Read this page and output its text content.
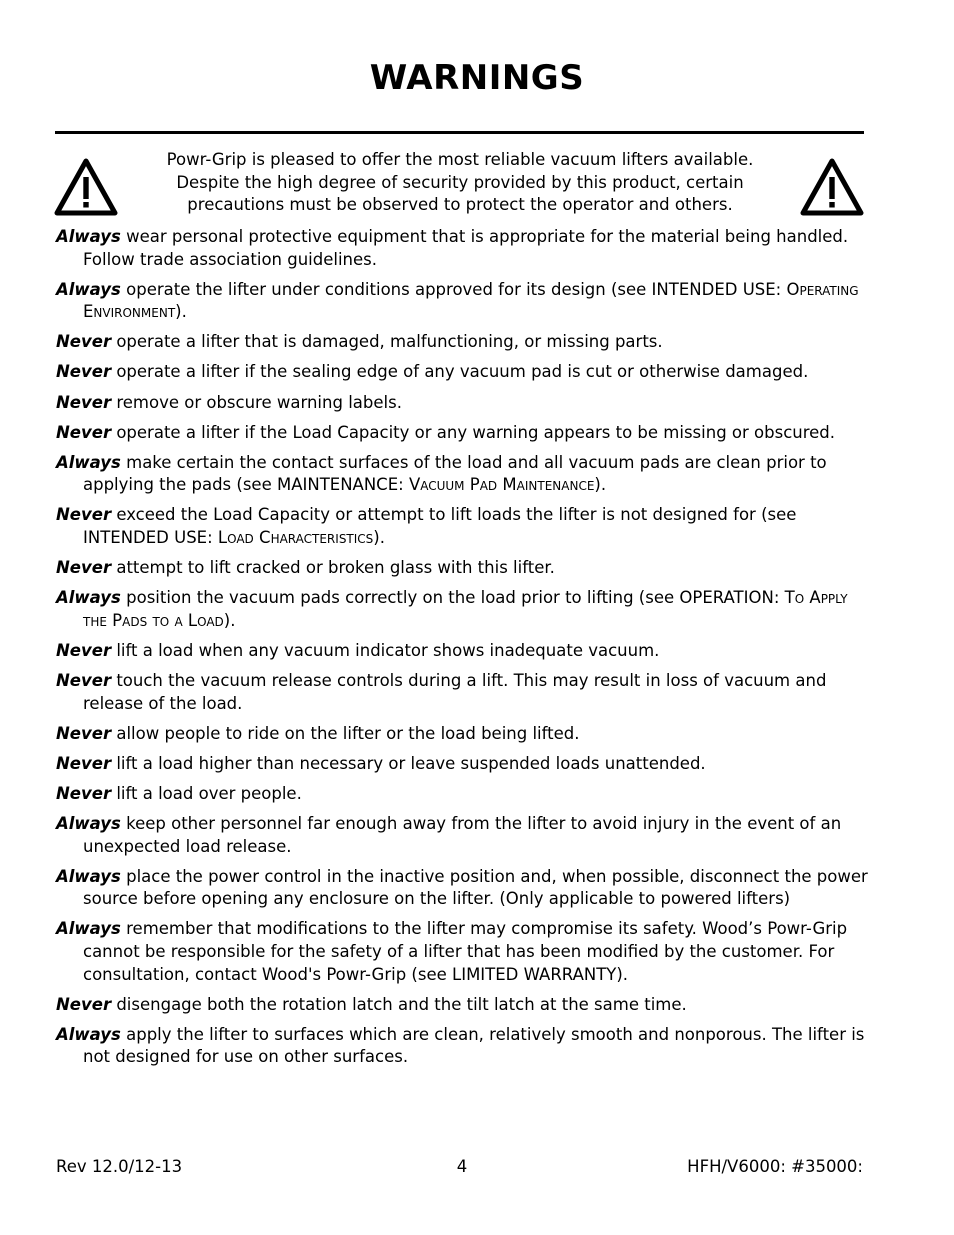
WARNINGS
Powr-Grip is pleased to offer the most reliable vacuum lifters available.
Despite the high degree of security provided by this product, certain
precautions must be observed to protect the operator and others.
Always wear personal protective equipment that is appropriate for the material being handled. Follow trade association guidelines.
Always operate the lifter under conditions approved for its design (see INTENDED USE: Operating Environment).
Never operate a lifter that is damaged, malfunctioning, or missing parts.
Never operate a lifter if the sealing edge of any vacuum pad is cut or otherwise damaged.
Never remove or obscure warning labels.
Never operate a lifter if the Load Capacity or any warning appears to be missing or obscured.
Always make certain the contact surfaces of the load and all vacuum pads are clean prior to applying the pads (see MAINTENANCE: Vacuum Pad Maintenance).
Never exceed the Load Capacity or attempt to lift loads the lifter is not designed for (see INTENDED USE: Load Characteristics).
Never attempt to lift cracked or broken glass with this lifter.
Always position the vacuum pads correctly on the load prior to lifting (see OPERATION: To Apply the Pads to a Load).
Never lift a load when any vacuum indicator shows inadequate vacuum.
Never touch the vacuum release controls during a lift. This may result in loss of vacuum and release of the load.
Never allow people to ride on the lifter or the load being lifted.
Never lift a load higher than necessary or leave suspended loads unattended.
Never lift a load over people.
Always keep other personnel far enough away from the lifter to avoid injury in the event of an unexpected load release.
Always place the power control in the inactive position and, when possible, disconnect the power source before opening any enclosure on the lifter. (Only applicable to powered lifters)
Always remember that modifications to the lifter may compromise its safety. Wood’s Powr-Grip cannot be responsible for the safety of a lifter that has been modified by the customer. For consultation, contact Wood's Powr-Grip (see LIMITED WARRANTY).
Never disengage both the rotation latch and the tilt latch at the same time.
Always apply the lifter to surfaces which are clean, relatively smooth and nonporous. The lifter is not designed for use on other surfaces.
Rev 12.0/12-13	4	HFH/V6000: #35000:
